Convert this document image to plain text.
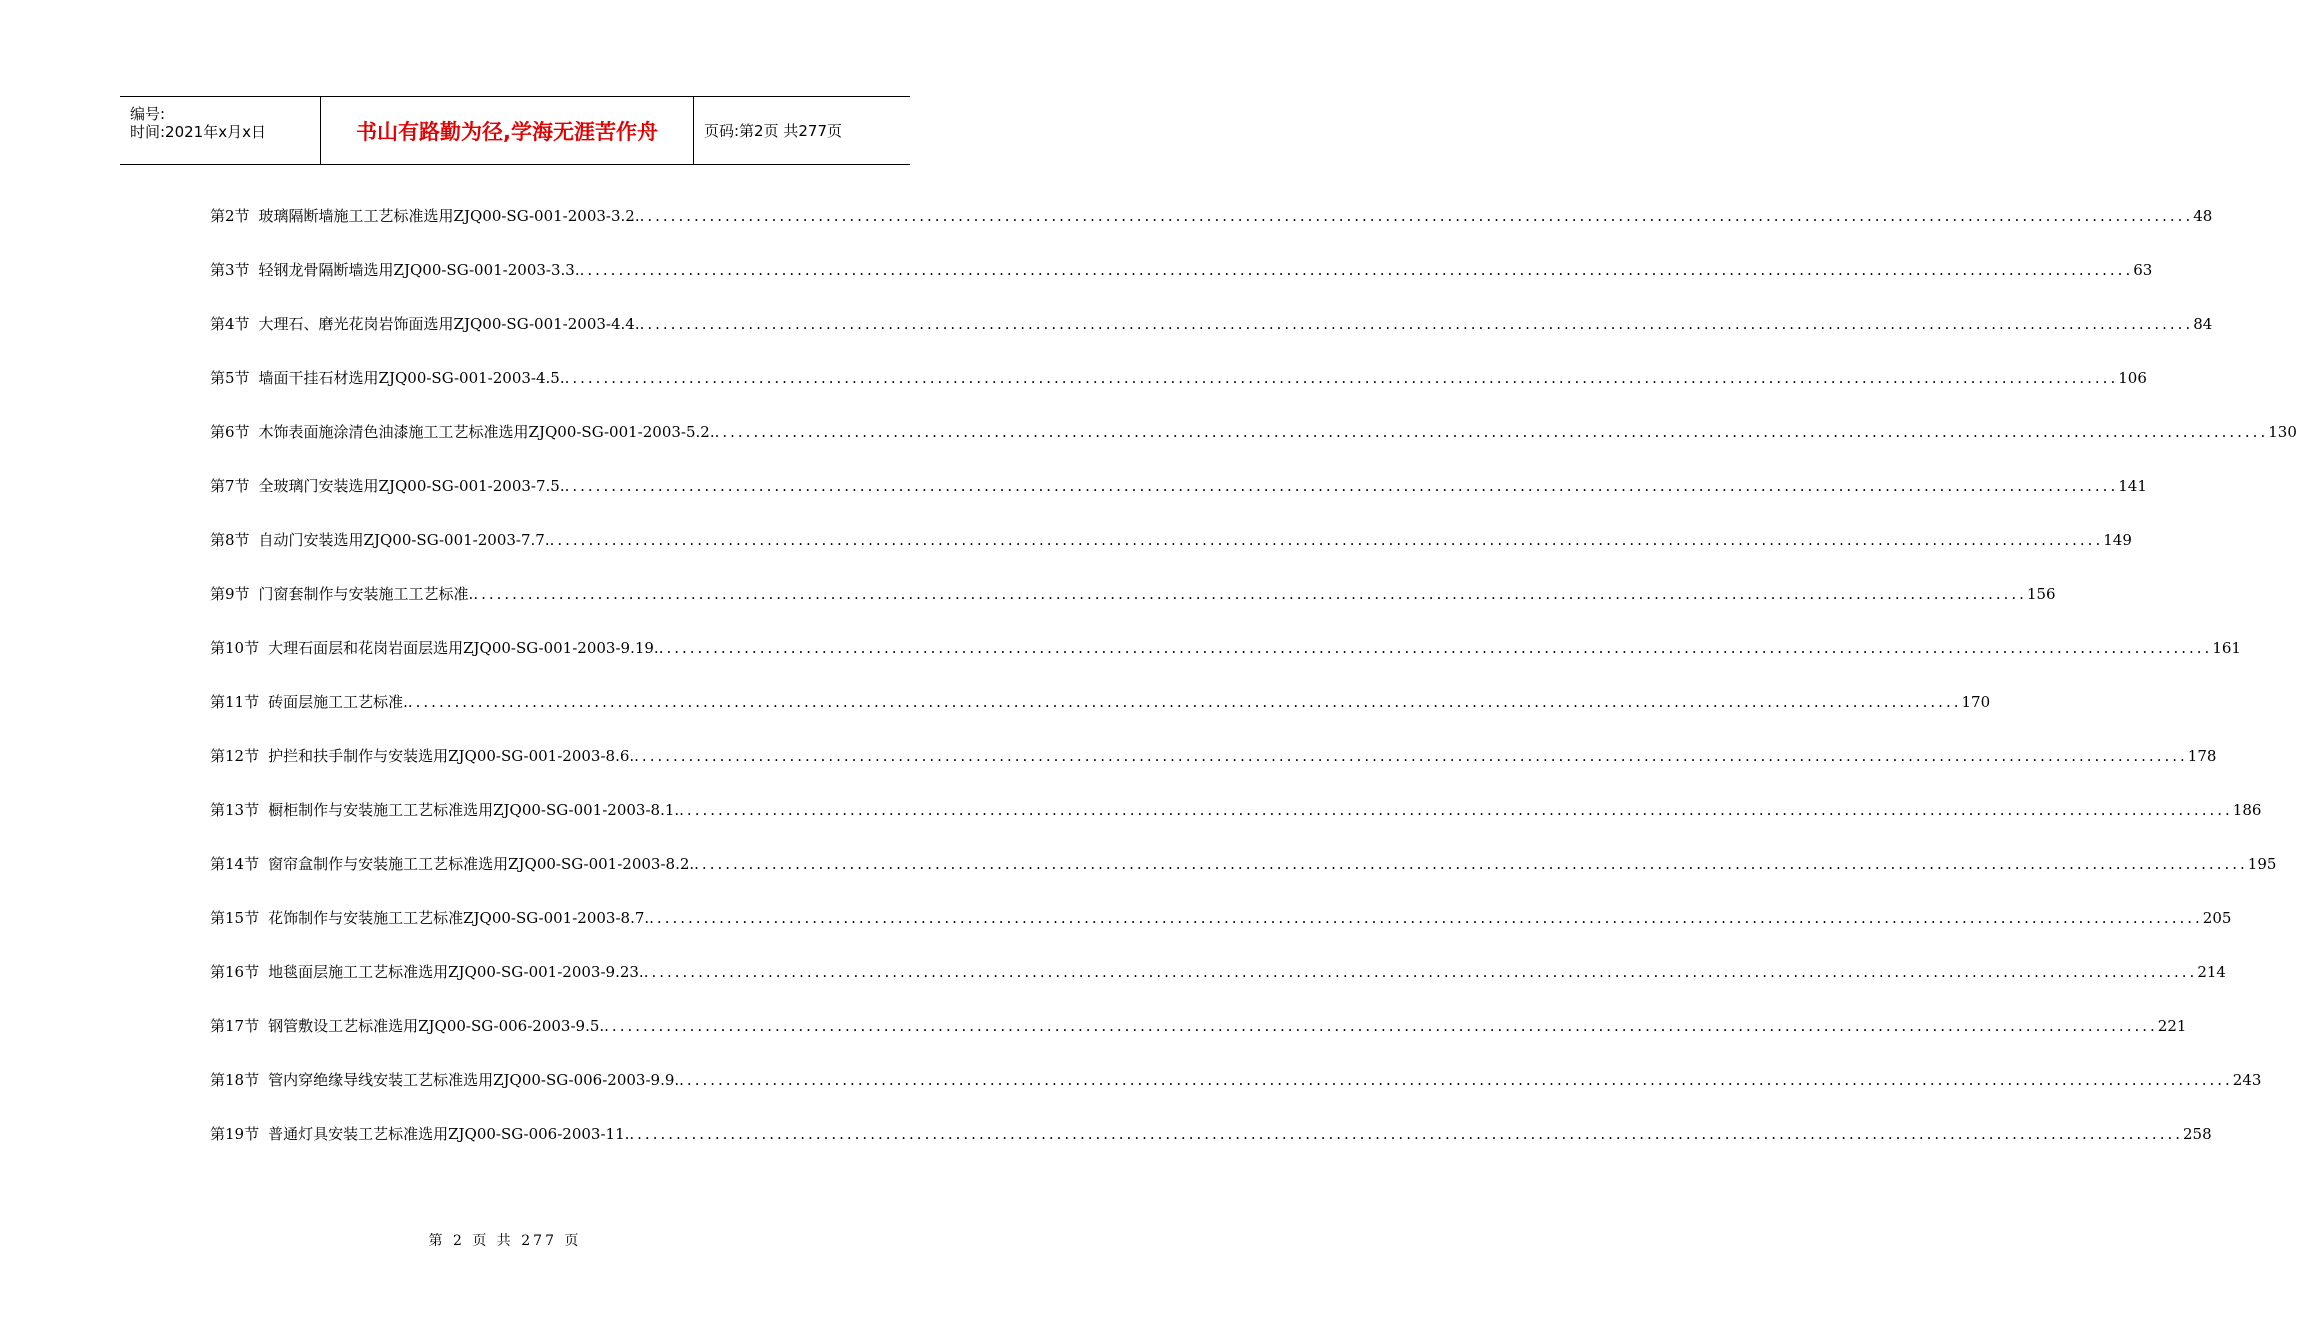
编号:
时间:2021年x月x日	书山有路勤为径,学海无涯苦作舟	页码:第2页 共277页
第2节 玻璃隔断墙施工工艺标准选用ZJQ00-SG-001-2003-3.2. ........................................................................................................................................................................................................ 48
第3节 轻钢龙骨隔断墙选用ZJQ00-SG-001-2003-3.3. ........................................................................................................................................................................................................ 63
第4节 大理石、磨光花岗岩饰面选用ZJQ00-SG-001-2003-4.4. ........................................................................................................................................................................................................ 84
第5节 墙面干挂石材选用ZJQ00-SG-001-2003-4.5. ........................................................................................................................................................................................................ 106
第6节 木饰表面施涂清色油漆施工工艺标准选用ZJQ00-SG-001-2003-5.2. ........................................................................................................................................................................................................ 130
第7节 全玻璃门安装选用ZJQ00-SG-001-2003-7.5. ........................................................................................................................................................................................................ 141
第8节 自动门安装选用ZJQ00-SG-001-2003-7.7. ........................................................................................................................................................................................................ 149
第9节 门窗套制作与安装施工工艺标准. ........................................................................................................................................................................................................ 156
第10节 大理石面层和花岗岩面层选用ZJQ00-SG-001-2003-9.19. ........................................................................................................................................................................................................ 161
第11节 砖面层施工工艺标准. ........................................................................................................................................................................................................ 170
第12节 护拦和扶手制作与安装选用ZJQ00-SG-001-2003-8.6. ........................................................................................................................................................................................................ 178
第13节 橱柜制作与安装施工工艺标准选用ZJQ00-SG-001-2003-8.1. ........................................................................................................................................................................................................ 186
第14节 窗帘盒制作与安装施工工艺标准选用ZJQ00-SG-001-2003-8.2. ........................................................................................................................................................................................................ 195
第15节 花饰制作与安装施工工艺标准ZJQ00-SG-001-2003-8.7. ........................................................................................................................................................................................................ 205
第16节 地毯面层施工工艺标准选用ZJQ00-SG-001-2003-9.23. ........................................................................................................................................................................................................ 214
第17节 钢管敷设工艺标准选用ZJQ00-SG-006-2003-9.5. ........................................................................................................................................................................................................ 221
第18节 管内穿绝缘导线安装工艺标准选用ZJQ00-SG-006-2003-9.9. ........................................................................................................................................................................................................ 243
第19节 普通灯具安装工艺标准选用ZJQ00-SG-006-2003-11. ........................................................................................................................................................................................................ 258
第 2 页 共 277 页
